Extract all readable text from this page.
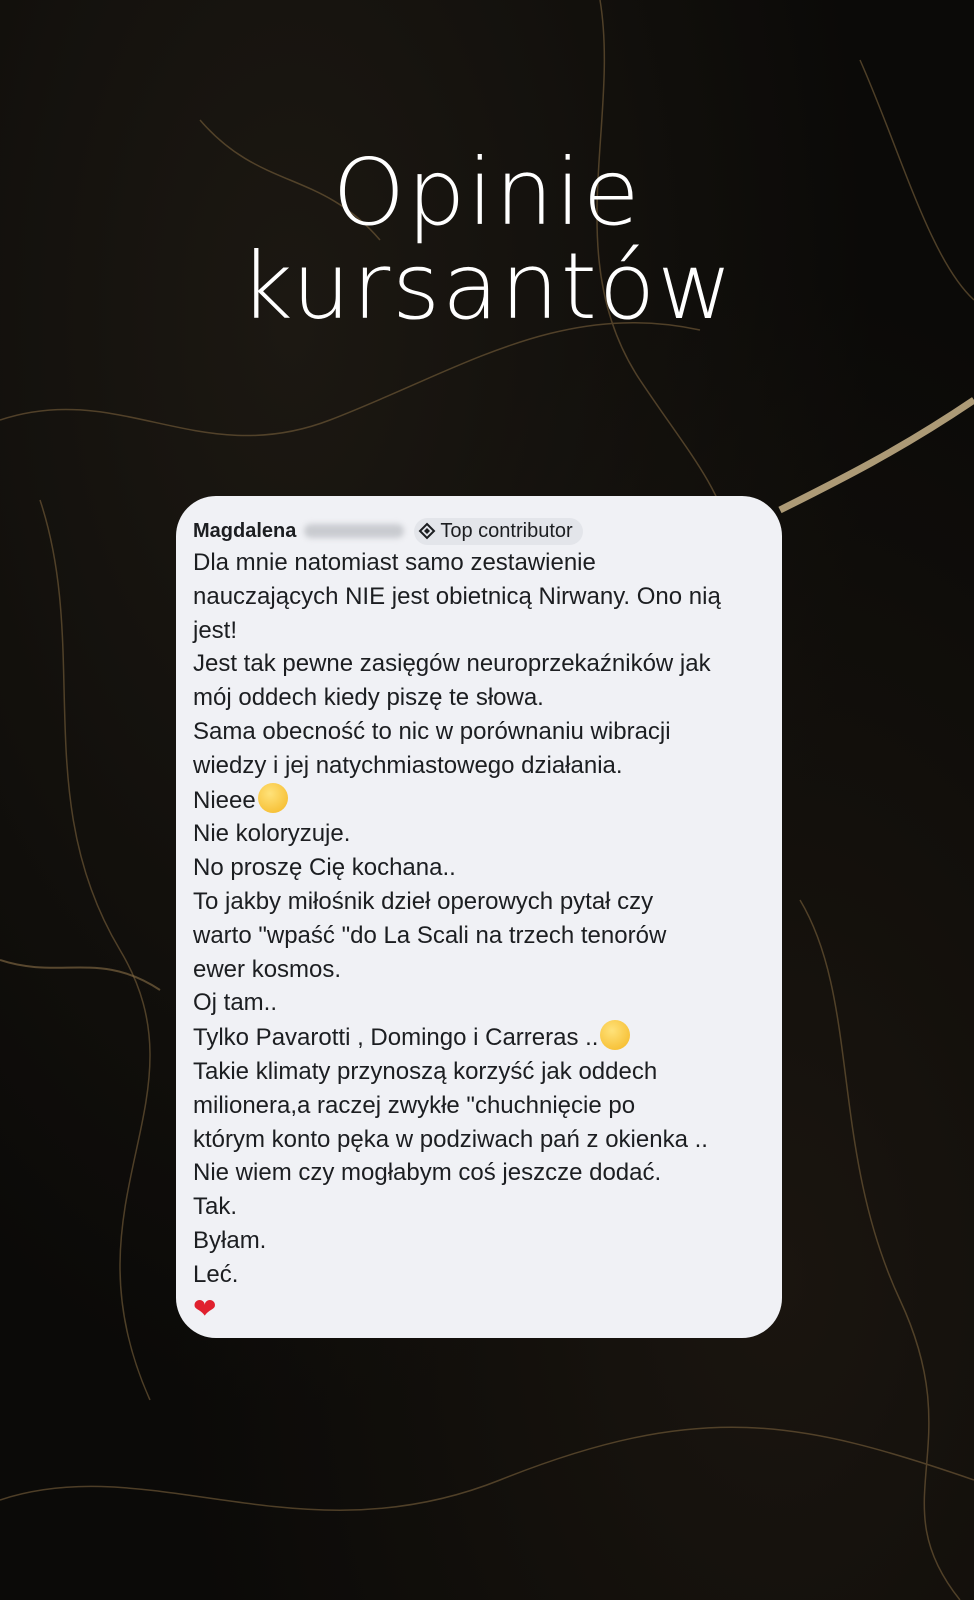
Opinie
kursantów
Magdalena	Top contributor
Dla mnie natomiast samo zestawienie
nauczających NIE jest obietnicą Nirwany. Ono nią
jest!
Jest tak pewne zasięgów neuroprzekaźników jak
mój oddech kiedy piszę te słowa.
Sama obecność to nic w porównaniu wibracji
wiedzy i jej natychmiastowego działania.
Nieee
Nie koloryzuje.
No proszę Cię kochana..
To jakby miłośnik dzieł operowych pytał czy
warto "wpaść "do La Scali na trzech tenorów
ewer kosmos.
Oj tam..
Tylko Pavarotti , Domingo i Carreras ..
Takie klimaty przynoszą korzyść jak oddech
milionera,a raczej zwykłe "chuchnięcie po
którym konto pęka w podziwach pań z okienka ..
Nie wiem czy mogłabym coś jeszcze dodać.
Tak.
Byłam.
Leć.
❤
